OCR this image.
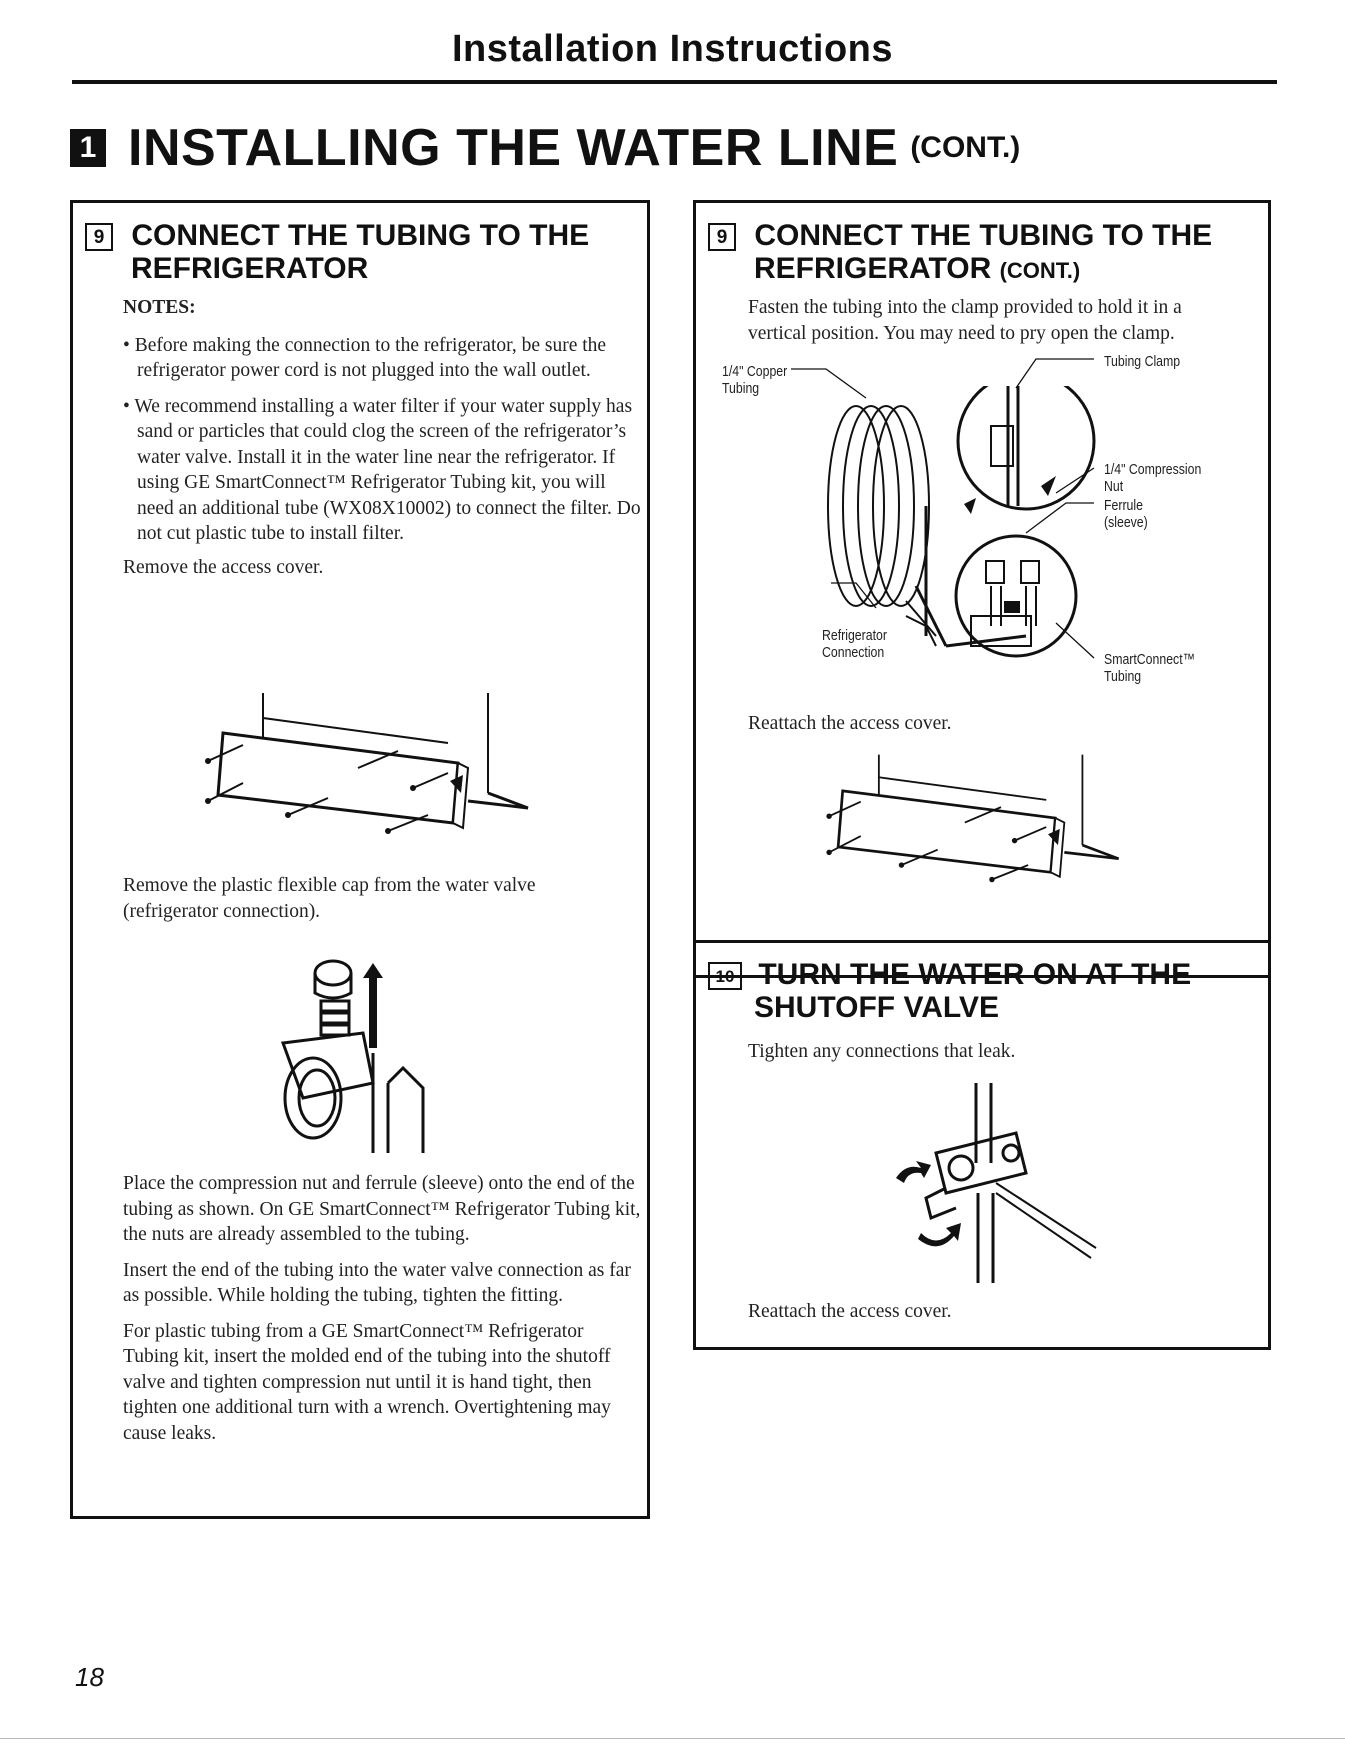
Installation Instructions
1 INSTALLING THE WATER LINE (CONT.)
9 CONNECT THE TUBING TO THE
REFRIGERATOR

NOTES:

• Before making the connection to the refrigerator, be sure the refrigerator power cord is not plugged into the wall outlet.

• We recommend installing a water filter if your water supply has sand or particles that could clog the screen of the refrigerator’s water valve. Install it in the water line near the refrigerator. If using GE SmartConnect™ Refrigerator Tubing kit, you will need an additional tube (WX08X10002) to connect the filter. Do not cut plastic tube to install filter.

Remove the access cover.

Remove the plastic flexible cap from the water valve (refrigerator connection).

Place the compression nut and ferrule (sleeve) onto the end of the tubing as shown. On GE SmartConnect™ Refrigerator Tubing kit, the nuts are already assembled to the tubing.

Insert the end of the tubing into the water valve connection as far as possible. While holding the tubing, tighten the fitting.

For plastic tubing from a GE SmartConnect™ Refrigerator Tubing kit, insert the molded end of the tubing into the shutoff valve and tighten compression nut until it is hand tight, then tighten one additional turn with a wrench. Overtightening may cause leaks.

9 CONNECT THE TUBING TO THE
REFRIGERATOR (CONT.)
Fasten the tubing into the clamp provided to hold it in a vertical position. You may need to pry open the clamp.
1/4" Copper
Tubing
Tubing Clamp
1/4" Compression
Nut
Ferrule
(sleeve)
Refrigerator
Connection	SmartConnect™
Tubing
Reattach the access cover.
10 TURN THE WATER ON AT THE
SHUTOFF VALVE
Tighten any connections that leak.
Reattach the access cover.
18
